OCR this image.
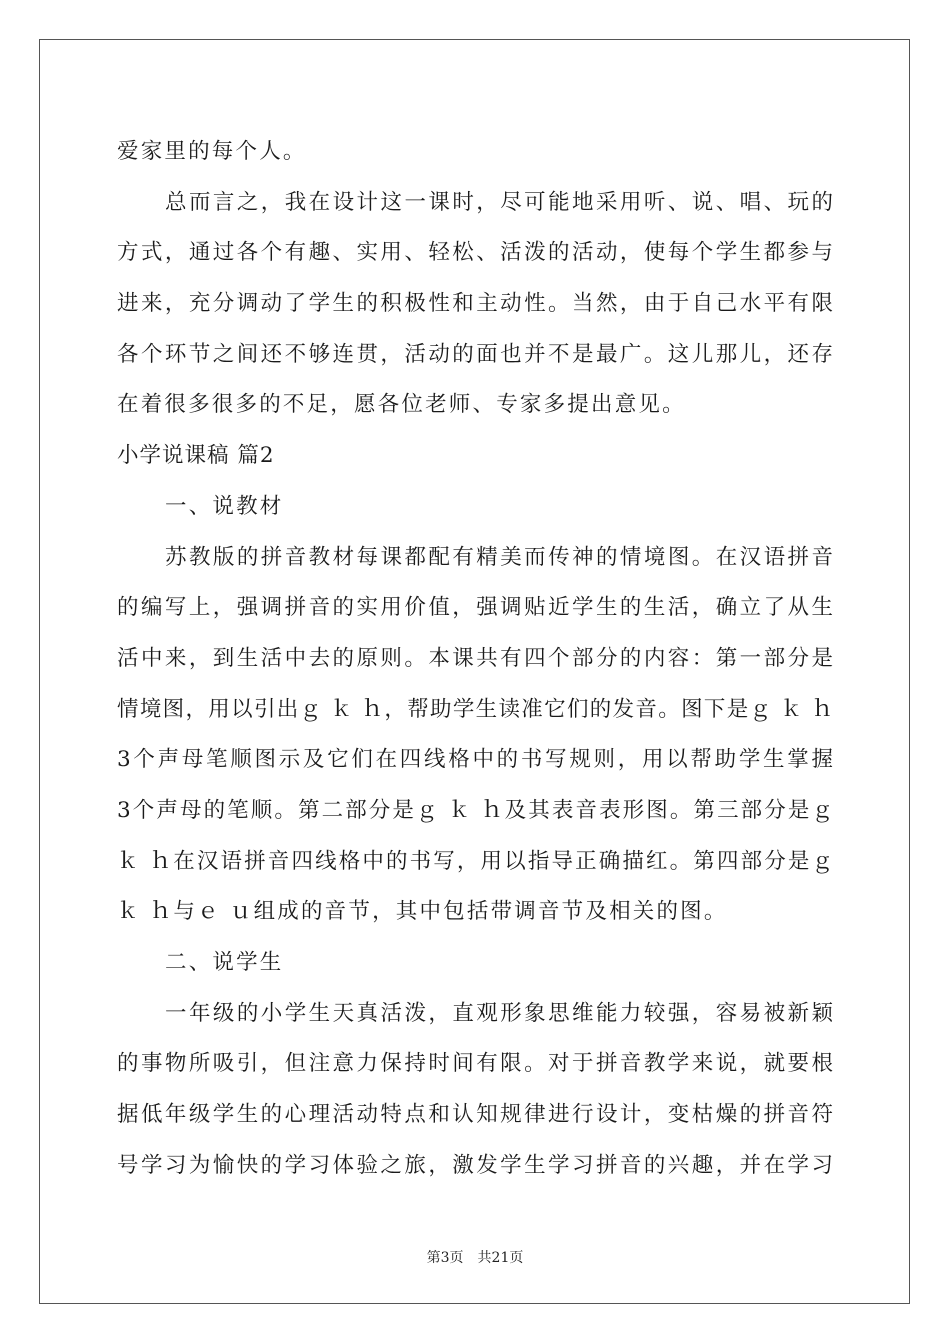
爱家里的每个人。
总而言之，我在设计这一课时，尽可能地采用听、说、唱、玩的
方式，通过各个有趣、实用、轻松、活泼的活动，使每个学生都参与
进来，充分调动了学生的积极性和主动性。当然，由于自己水平有限
各个环节之间还不够连贯，活动的面也并不是最广。这儿那儿，还存
在着很多很多的不足，愿各位老师、专家多提出意见。
小学说课稿 篇2
一、说教材
苏教版的拼音教材每课都配有精美而传神的情境图。在汉语拼音
的编写上，强调拼音的实用价值，强调贴近学生的生活，确立了从生
活中来，到生活中去的原则。本课共有四个部分的内容：第一部分是
情境图，用以引出ｇ ｋ ｈ，帮助学生读准它们的发音。图下是ｇ ｋ ｈ
3个声母笔顺图示及它们在四线格中的书写规则，用以帮助学生掌握
3个声母的笔顺。第二部分是ｇ ｋ ｈ及其表音表形图。第三部分是ｇ
ｋ ｈ在汉语拼音四线格中的书写，用以指导正确描红。第四部分是ｇ
ｋ ｈ与ｅ ｕ组成的音节，其中包括带调音节及相关的图。
二、说学生
一年级的小学生天真活泼，直观形象思维能力较强，容易被新颖
的事物所吸引，但注意力保持时间有限。对于拼音教学来说，就要根
据低年级学生的心理活动特点和认知规律进行设计，变枯燥的拼音符
号学习为愉快的学习体验之旅，激发学生学习拼音的兴趣，并在学习
第3页 共21页
